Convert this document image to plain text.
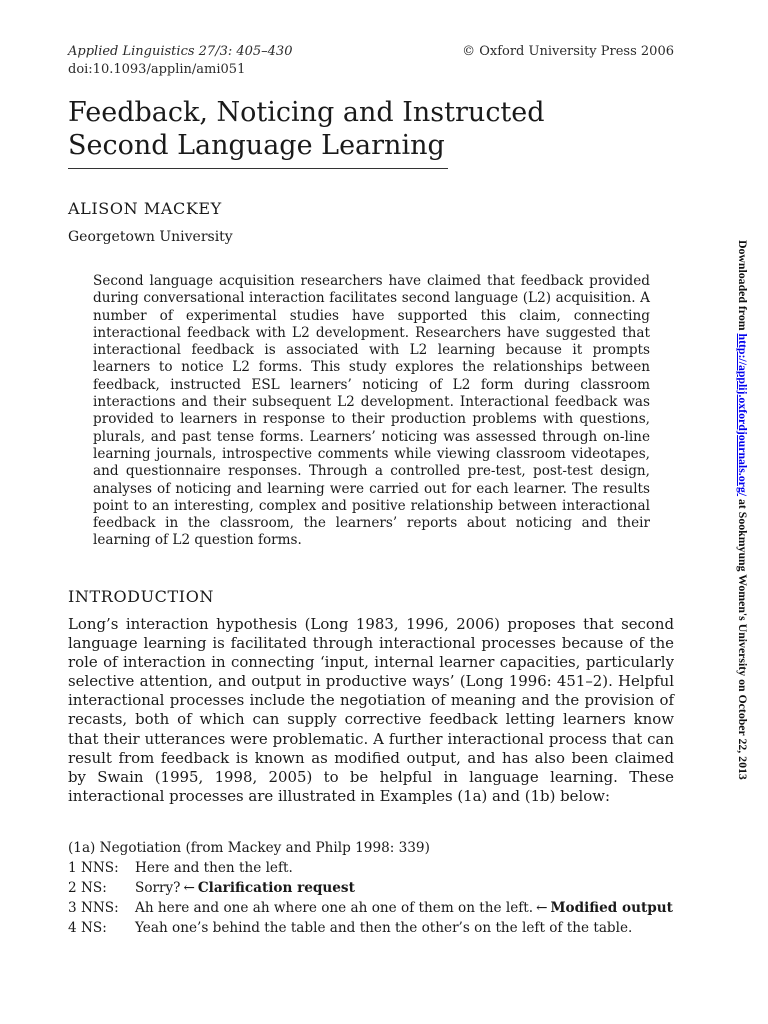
Applied Linguistics 27/3: 405–430
doi:10.1093/applin/ami051
© Oxford University Press 2006
Feedback, Noticing and Instructed
Second Language Learning
ALISON MACKEY
Georgetown University

Second language acquisition researchers have claimed that feedback provided during conversational interaction facilitates second language (L2) acquisition. A number of experimental studies have supported this claim, connecting interactional feedback with L2 development. Researchers have suggested that interactional feedback is associated with L2 learning because it prompts learners to notice L2 forms. This study explores the relationships between feedback, instructed ESL learners’ noticing of L2 form during classroom interactions and their subsequent L2 development. Interactional feedback was provided to learners in response to their production problems with questions, plurals, and past tense forms. Learners’ noticing was assessed through on-line learning journals, introspective comments while viewing classroom videotapes, and questionnaire responses. Through a controlled pre-test, post-test design, analyses of noticing and learning were carried out for each learner. The results point to an interesting, complex and positive relationship between interactional feedback in the classroom, the learners’ reports about noticing and their learning of L2 question forms.

INTRODUCTION

Long’s interaction hypothesis (Long 1983, 1996, 2006) proposes that second language learning is facilitated through interactional processes because of the role of interaction in connecting ‘input, internal learner capacities, particularly selective attention, and output in productive ways’ (Long 1996: 451–2). Helpful interactional processes include the negotiation of meaning and the provision of recasts, both of which can supply corrective feedback letting learners know that their utterances were problematic. A further interactional process that can result from feedback is known as modified output, and has also been claimed by Swain (1995, 1998, 2005) to be helpful in language learning. These interactional processes are illustrated in Examples (1a) and (1b) below:

(1a) Negotiation (from Mackey and Philp 1998: 339)
1 NNS:	Here and then the left.
2 NS:	Sorry? ← Clarification request
3 NNS:	Ah here and one ah where one ah one of them on the left. ← Modified output
4 NS:	Yeah one’s behind the table and then the other’s on the left of the table.
Downloaded from http://applij.oxfordjournals.org/ at Sookmyung Women's University on October 22, 2013
